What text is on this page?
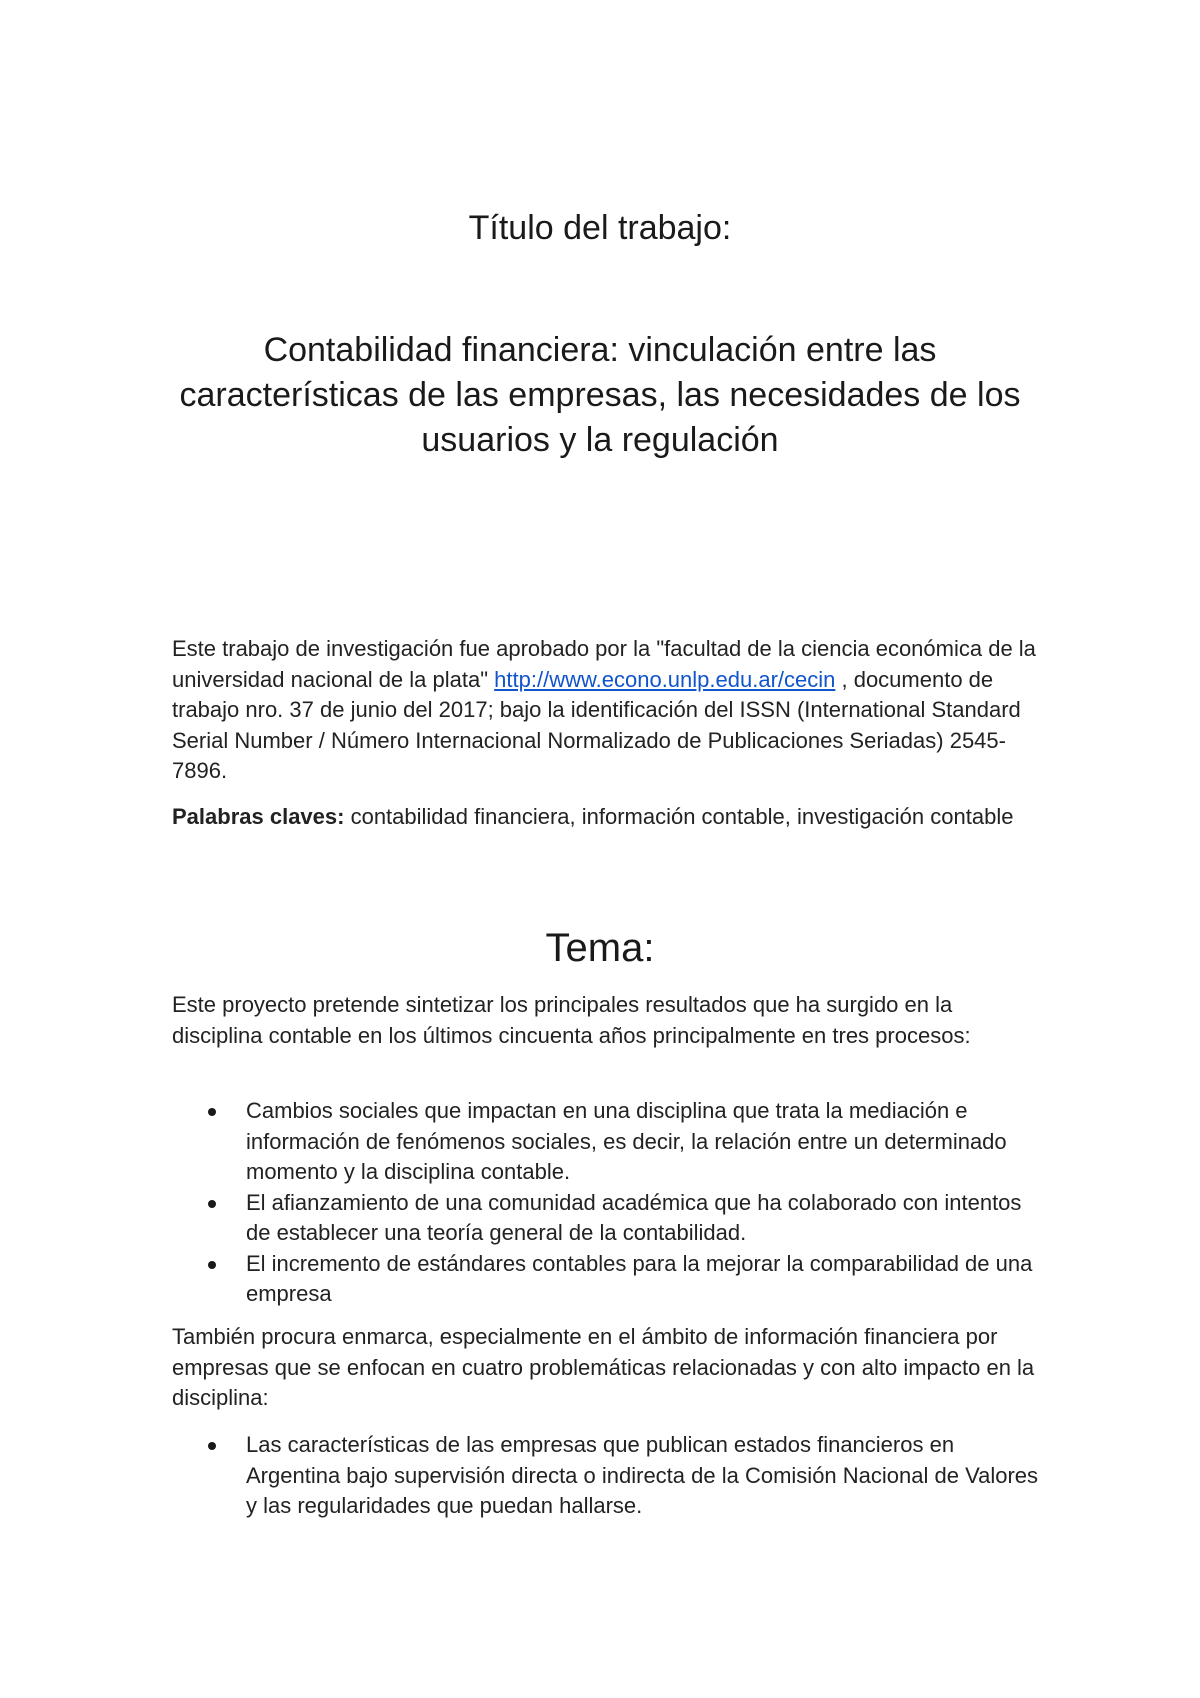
Título del trabajo:
Contabilidad financiera: vinculación entre las características de las empresas, las necesidades de los usuarios y la regulación
Este trabajo de investigación fue aprobado por la "facultad de la ciencia económica de la universidad nacional de la plata" http://www.econo.unlp.edu.ar/cecin , documento de trabajo nro. 37 de junio del 2017; bajo la identificación del ISSN (International Standard Serial Number / Número Internacional Normalizado de Publicaciones Seriadas) 2545-7896.
Palabras claves: contabilidad financiera, información contable, investigación contable
Tema:
Este proyecto pretende sintetizar los principales resultados que ha surgido en la disciplina contable en los últimos cincuenta años principalmente en tres procesos:
Cambios sociales que impactan en una disciplina que trata la mediación e información de fenómenos sociales, es decir, la relación entre un determinado momento y la disciplina contable.
El afianzamiento de una comunidad académica que ha colaborado con intentos de establecer una teoría general de la contabilidad.
El incremento de estándares contables para la mejorar la comparabilidad de una empresa
También procura enmarca, especialmente en el ámbito de información financiera por empresas que se enfocan en cuatro problemáticas relacionadas y con alto impacto en la disciplina:
Las características de las empresas que publican estados financieros en Argentina bajo supervisión directa o indirecta de la Comisión Nacional de Valores y las regularidades que puedan hallarse.
